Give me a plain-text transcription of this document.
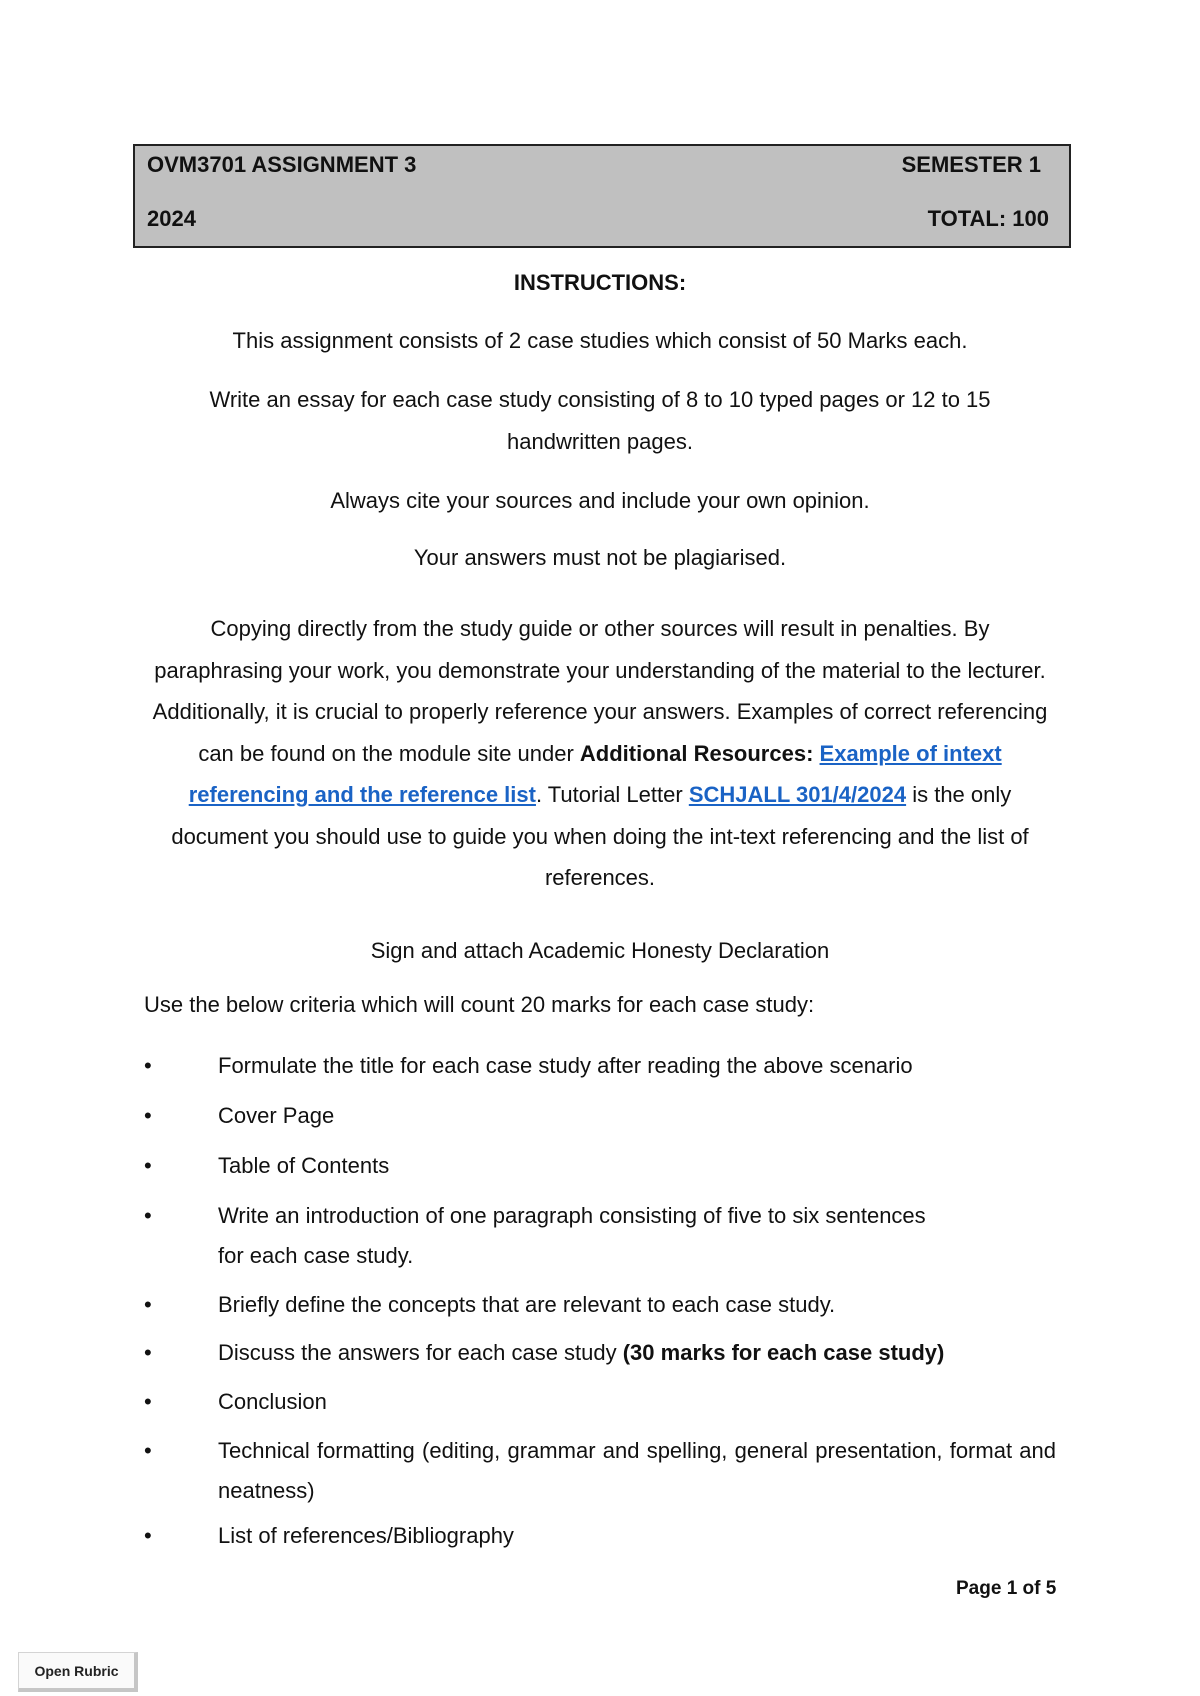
OVM3701 ASSIGNMENT 3	SEMESTER 1
2024	TOTAL: 100
INSTRUCTIONS:
This assignment consists of 2 case studies which consist of 50 Marks each.
Write an essay for each case study consisting of 8 to 10 typed pages or 12 to 15
handwritten pages.
Always cite your sources and include your own opinion.
Your answers must not be plagiarised.
Copying directly from the study guide or other sources will result in penalties. By paraphrasing your work, you demonstrate your understanding of the material to the lecturer. Additionally, it is crucial to properly reference your answers. Examples of correct referencing can be found on the module site under Additional Resources: Example of intext referencing and the reference list. Tutorial Letter SCHJALL 301/4/2024 is the only document you should use to guide you when doing the int-text referencing and the list of references.
Sign and attach Academic Honesty Declaration
Use the below criteria which will count 20 marks for each case study:
•	Formulate the title for each case study after reading the above scenario
•	Cover Page
•	Table of Contents
•	Write an introduction of one paragraph consisting of five to six sentences
for each case study.
•	Briefly define the concepts that are relevant to each case study.
•	Discuss the answers for each case study (30 marks for each case study)
•	Conclusion
•	Technical formatting (editing, grammar and spelling, general presentation, format and neatness)
•	List of references/Bibliography
Page 1 of 5
Open Rubric
